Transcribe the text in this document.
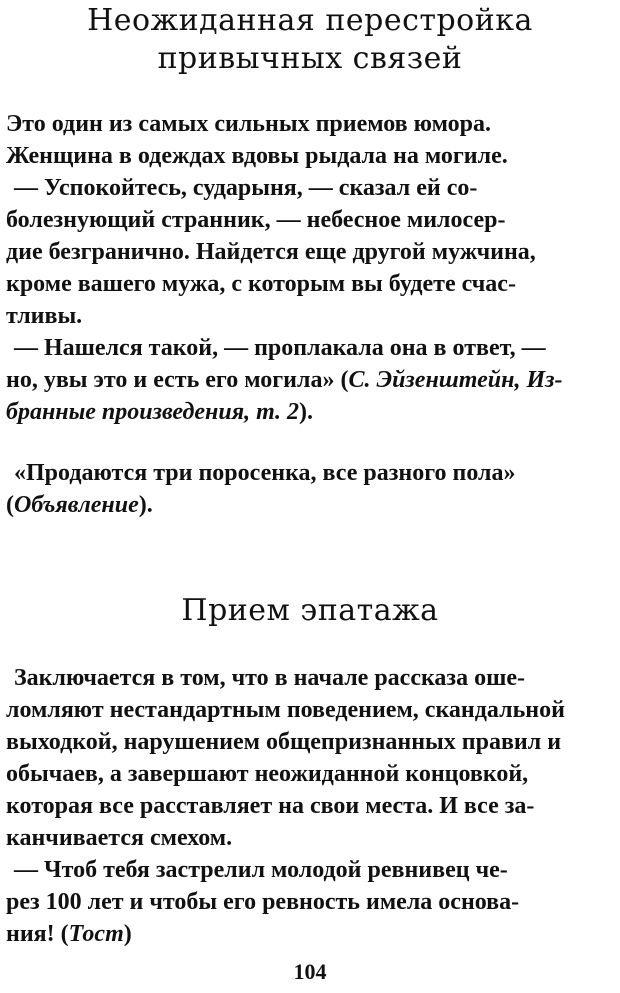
Неожиданная перестройка
привычных связей

Это один из самых сильных приемов юмора.

Женщина в одеждах вдовы рыдала на могиле.

— Успокойтесь, сударыня, — сказал ей со-

болезнующий странник, — небесное милосер-

дие безгранично. Найдется еще другой мужчина,

кроме вашего мужа, с которым вы будете счас-

тливы.

— Нашелся такой, — проплакала она в ответ, —

но, увы это и есть его могила» (С. Эйзенштейн, Из-

бранные произведения, т. 2).

«Продаются три поросенка, все разного пола»

(Объявление).

Прием эпатажа

Заключается в том, что в начале рассказа ошe-

ломляют нестандартным поведением, скандальной

выходкой, нарушением общепризнанных правил и

обычаев, а завершают неожиданной концовкой,

которая все расставляет на свои места. И все за-

канчивается смехом.

— Чтоб тебя застрелил молодой ревнивец че-

рез 100 лет и чтобы его ревность имела основа-

ния! (Тост)

104
